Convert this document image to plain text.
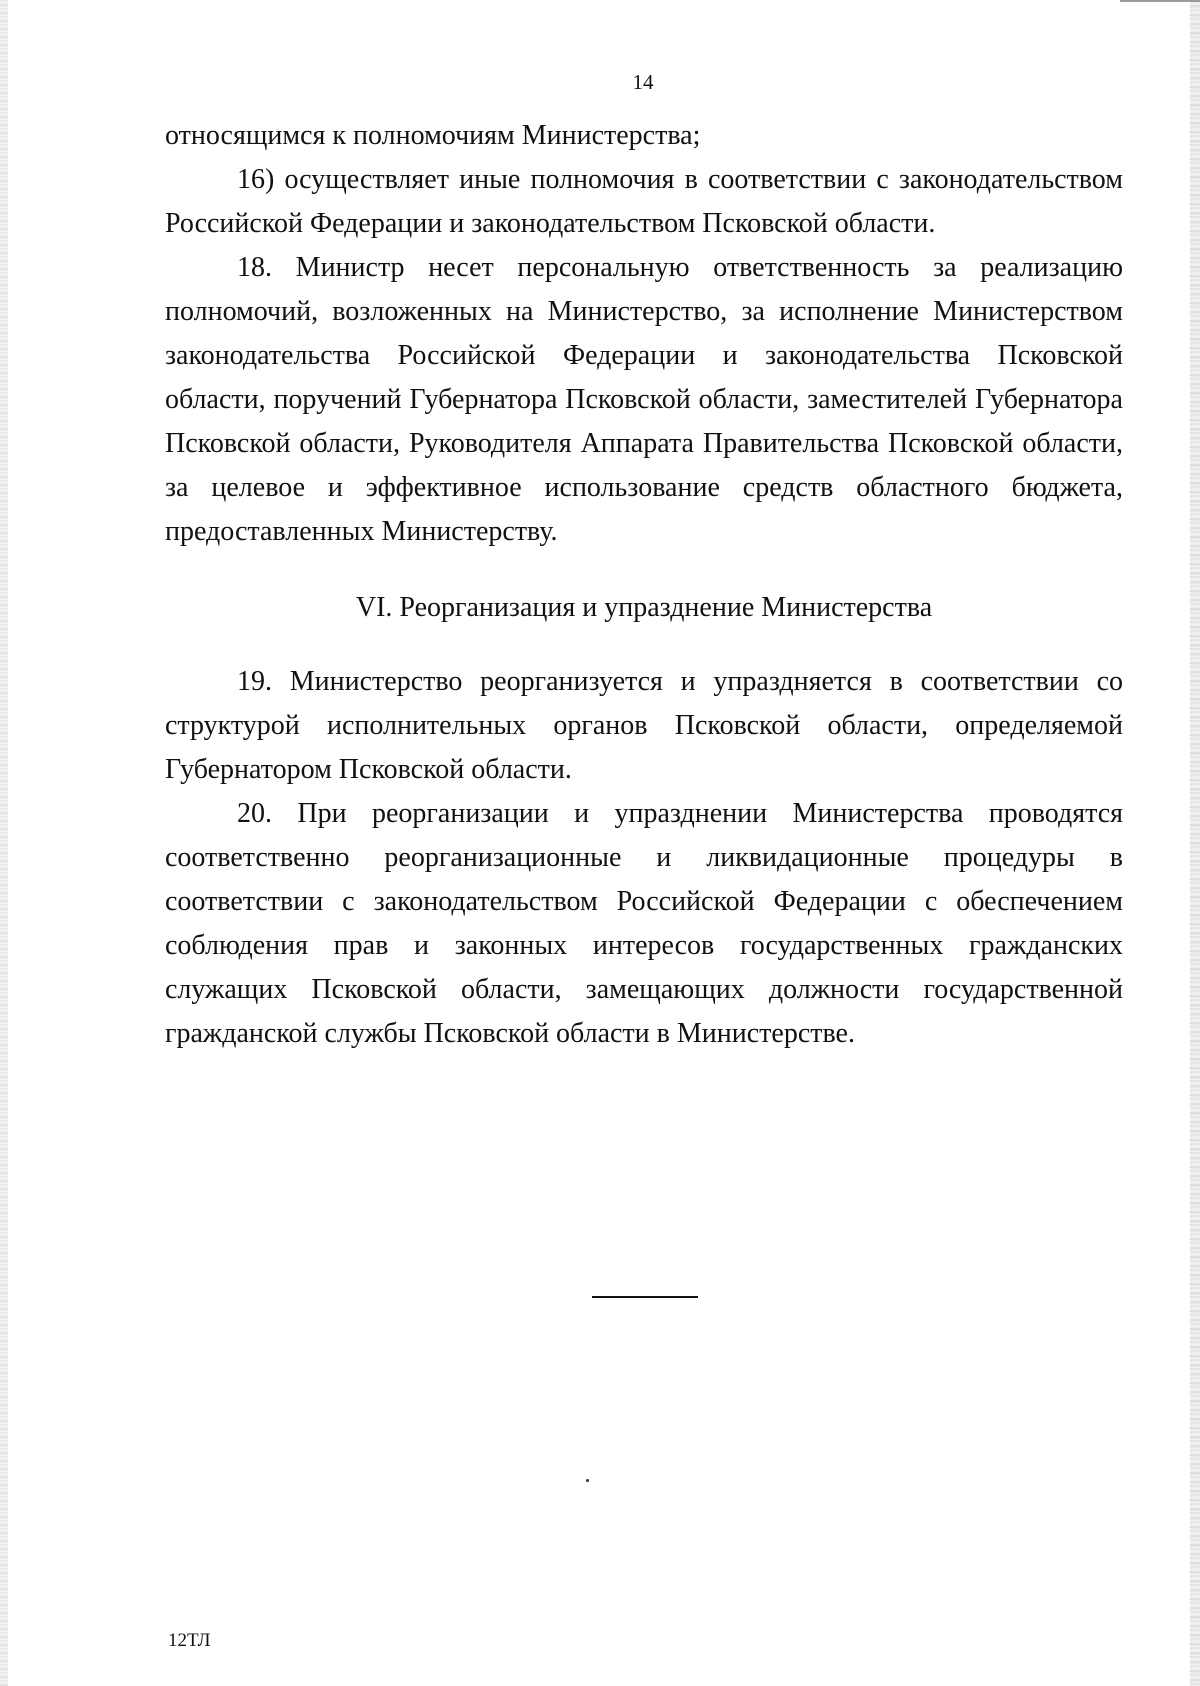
14

относящимся к полномочиям Министерства;

16) осуществляет иные полномочия в соответствии с законодательством Российской Федерации и законодательством Псковской области.

18. Министр несет персональную ответственность за реализацию полномочий, возложенных на Министерство, за исполнение Министерством законодательства Российской Федерации и законодательства Псковской области, поручений Губернатора Псковской области, заместителей Губернатора Псковской области, Руководителя Аппарата Правительства Псковской области, за целевое и эффективное использование средств областного бюджета, предоставленных Министерству.

VI. Реорганизация и упразднение Министерства

19. Министерство реорганизуется и упраздняется в соответствии со структурой исполнительных органов Псковской области, определяемой Губернатором Псковской области.

20. При реорганизации и упразднении Министерства проводятся соответственно реорганизационные и ликвидационные процедуры в соответствии с законодательством Российской Федерации с обеспечением соблюдения прав и законных интересов государственных гражданских служащих Псковской области, замещающих должности государственной гражданской службы Псковской области в Министерстве.

12ТЛ
